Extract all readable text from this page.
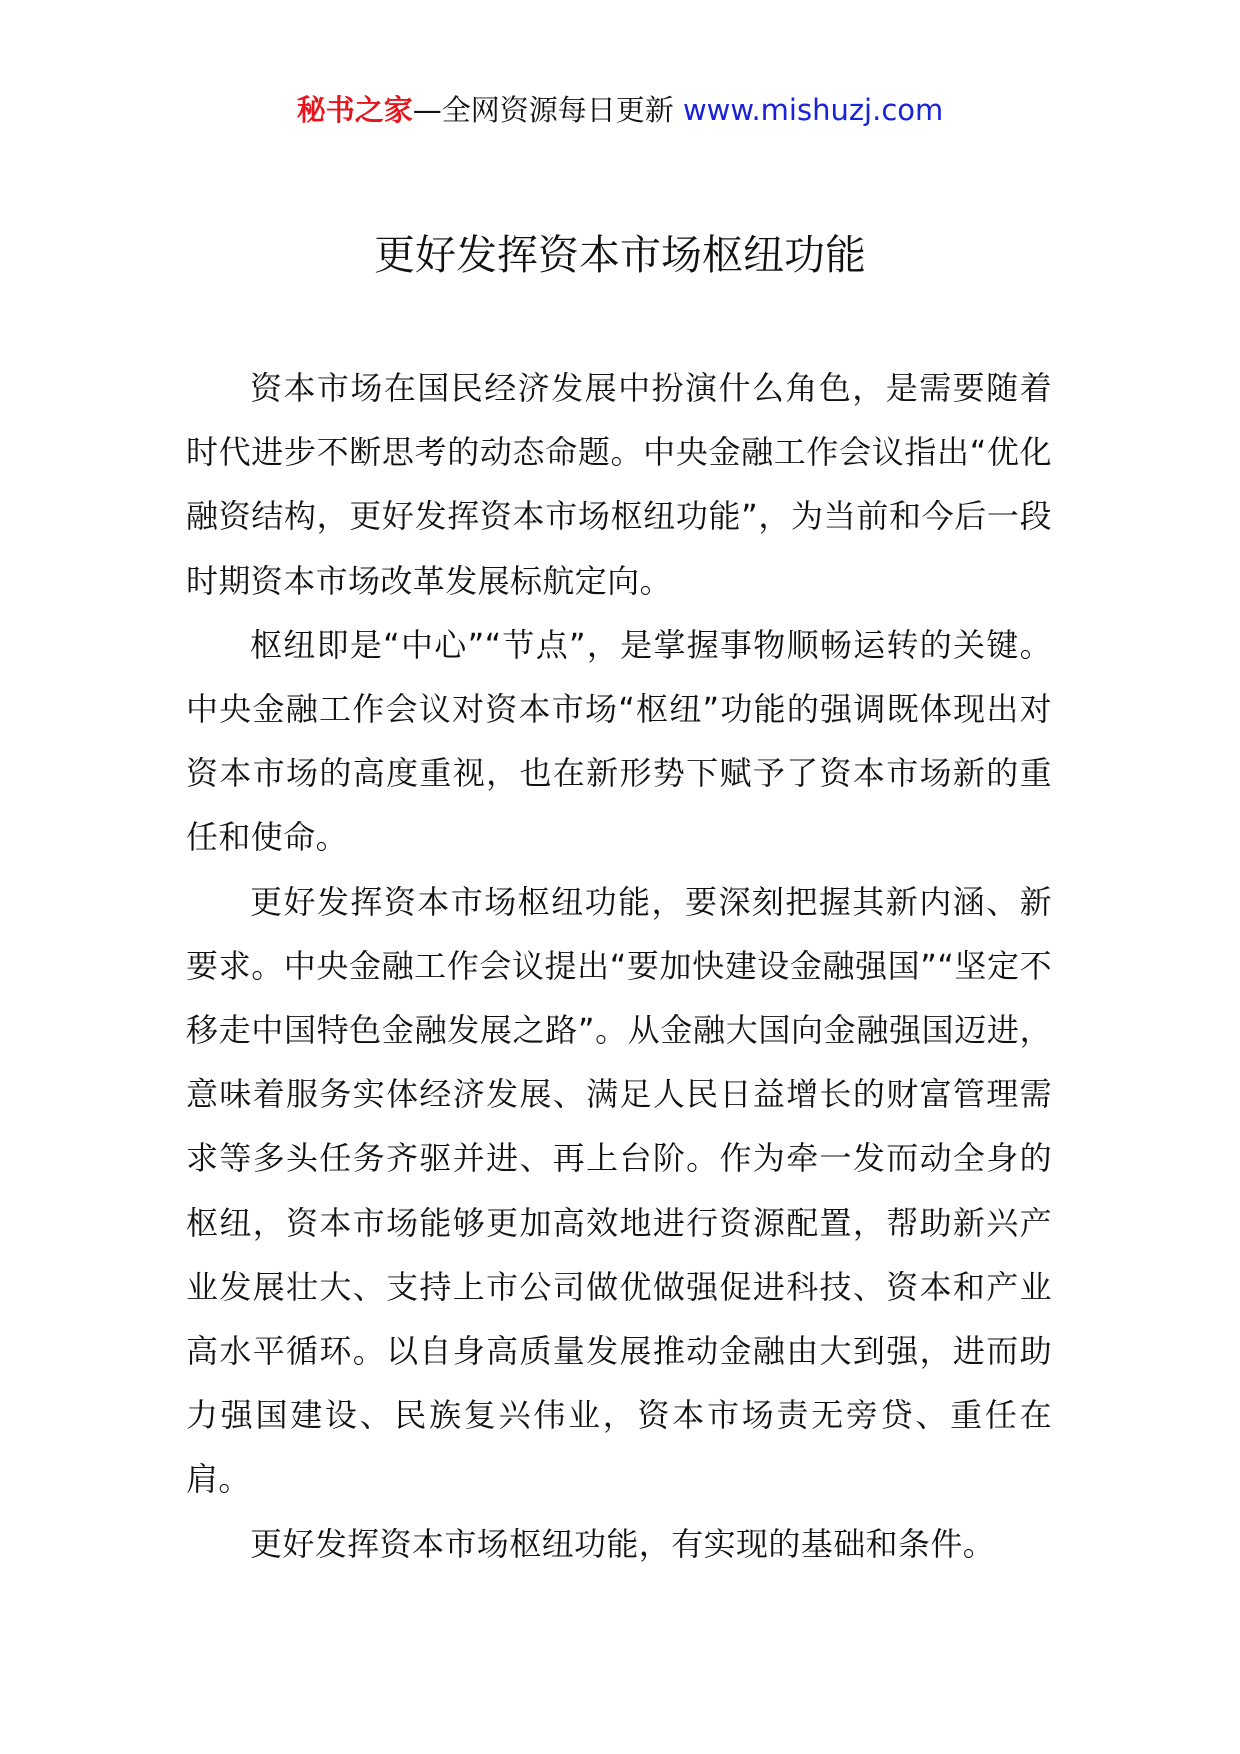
秘书之家—全网资源每日更新 www.mishuzj.com
更好发挥资本市场枢纽功能

资本市场在国民经济发展中扮演什么角色，是需要随着时代进步不断思考的动态命题。中央金融工作会议指出“优化融资结构，更好发挥资本市场枢纽功能”，为当前和今后一段时期资本市场改革发展标航定向。

枢纽即是“中心”“节点”，是掌握事物顺畅运转的关键。中央金融工作会议对资本市场“枢纽”功能的强调既体现出对资本市场的高度重视，也在新形势下赋予了资本市场新的重任和使命。

更好发挥资本市场枢纽功能，要深刻把握其新内涵、新要求。中央金融工作会议提出“要加快建设金融强国”“坚定不移走中国特色金融发展之路”。从金融大国向金融强国迈进，意味着服务实体经济发展、满足人民日益增长的财富管理需求等多头任务齐驱并进、再上台阶。作为牵一发而动全身的枢纽，资本市场能够更加高效地进行资源配置，帮助新兴产业发展壮大、支持上市公司做优做强促进科技、资本和产业高水平循环。以自身高质量发展推动金融由大到强，进而助力强国建设、民族复兴伟业，资本市场责无旁贷、重任在肩。

更好发挥资本市场枢纽功能，有实现的基础和条件。
